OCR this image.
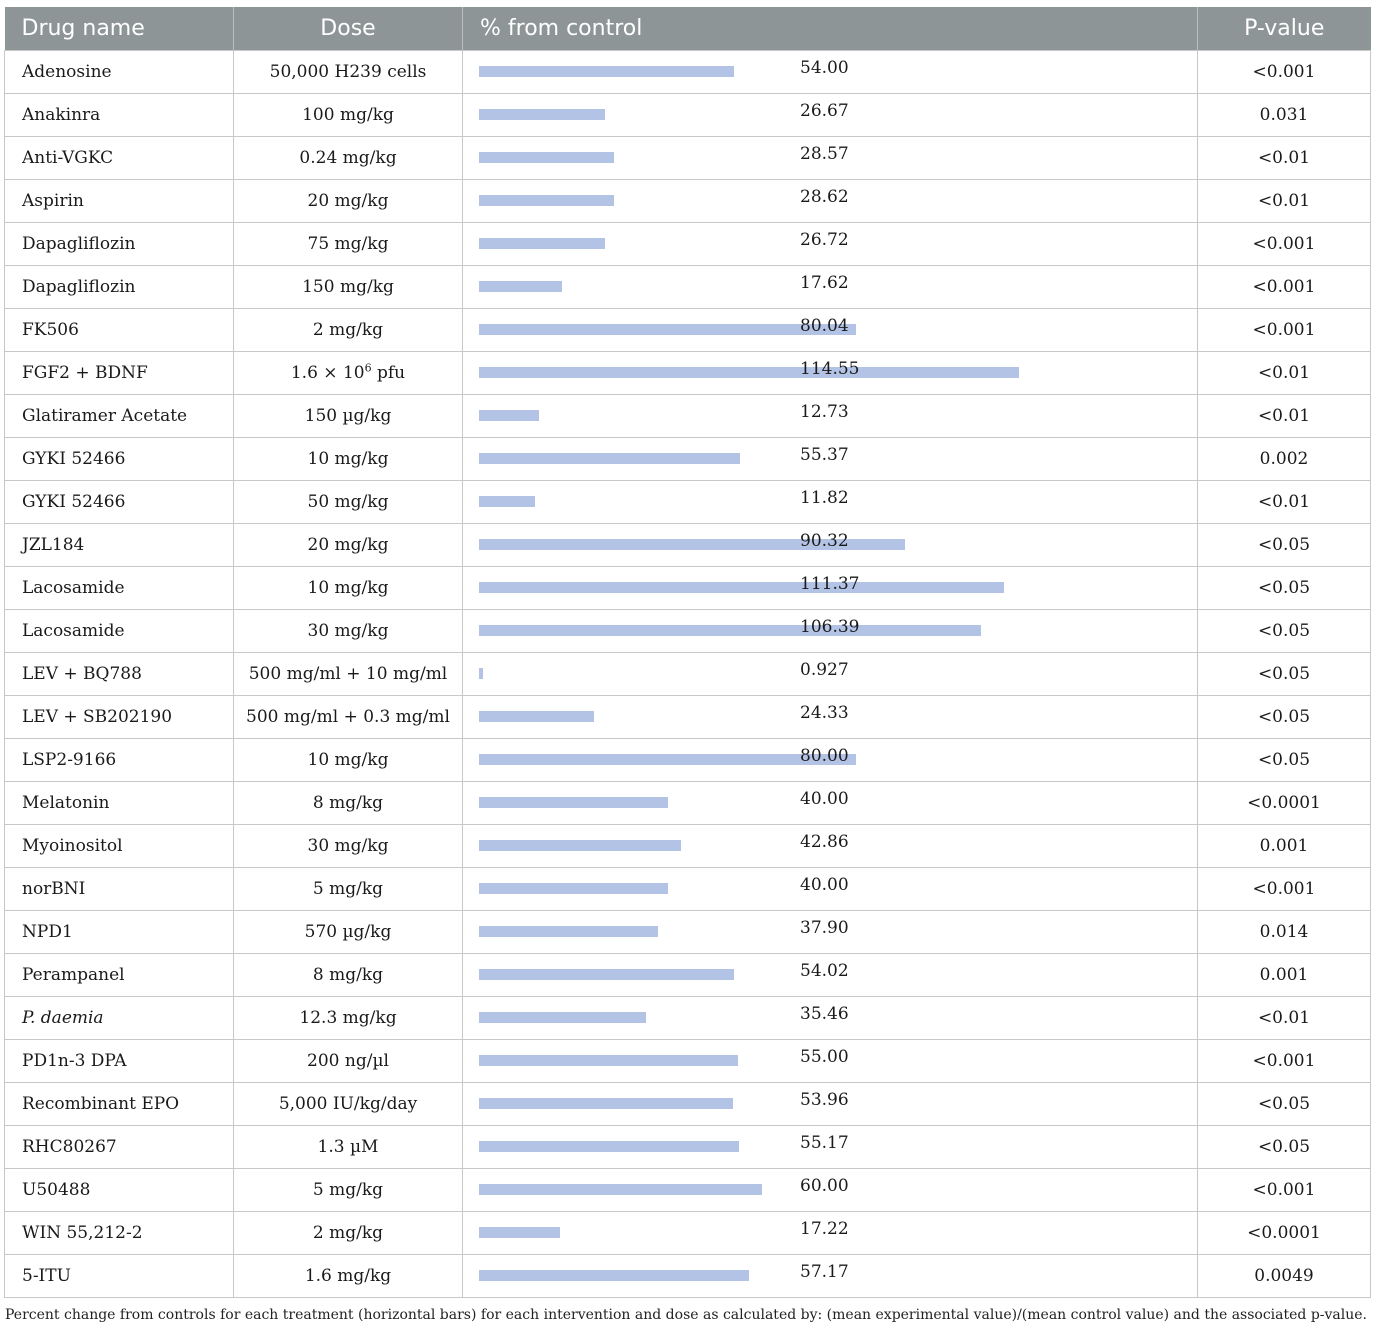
Drug name	Dose	% from control	P-value
Adenosine	50,000 H239 cells	54.00	<0.001
Anakinra	100 mg/kg	26.67	0.031
Anti-VGKC	0.24 mg/kg	28.57	<0.01
Aspirin	20 mg/kg	28.62	<0.01
Dapagliflozin	75 mg/kg	26.72	<0.001
Dapagliflozin	150 mg/kg	17.62	<0.001
FK506	2 mg/kg	80.04	<0.001
FGF2 + BDNF	$1.6 \times 10^6$ pfu	114.55	<0.01
Glatiramer Acetate	150 µg/kg	12.73	<0.01
GYKI 52466	10 mg/kg	55.37	0.002
GYKI 52466	50 mg/kg	11.82	<0.01
JZL184	20 mg/kg	90.32	<0.05
Lacosamide	10 mg/kg	111.37	<0.05
Lacosamide	30 mg/kg	106.39	<0.05
LEV + BQ788	500 mg/ml + 10 mg/ml	0.927	<0.05
LEV + SB202190	500 mg/ml + 0.3 mg/ml	24.33	<0.05
LSP2-9166	10 mg/kg	80.00	<0.05
Melatonin	8 mg/kg	40.00	<0.0001
Myoinositol	30 mg/kg	42.86	0.001
norBNI	5 mg/kg	40.00	<0.001
NPD1	570 µg/kg	37.90	0.014
Perampanel	8 mg/kg	54.02	0.001
P. daemia	12.3 mg/kg	35.46	<0.01
PD1n-3 DPA	200 ng/µl	55.00	<0.001
Recombinant EPO	5,000 IU/kg/day	53.96	<0.05
RHC80267	1.3 µM	55.17	<0.05
U50488	5 mg/kg	60.00	<0.001
WIN 55,212-2	2 mg/kg	17.22	<0.0001
5-ITU	1.6 mg/kg	57.17	0.0049
Percent change from controls for each treatment (horizontal bars) for each intervention and dose as calculated by: (mean experimental value)/(mean control value) and the associated p-value.
